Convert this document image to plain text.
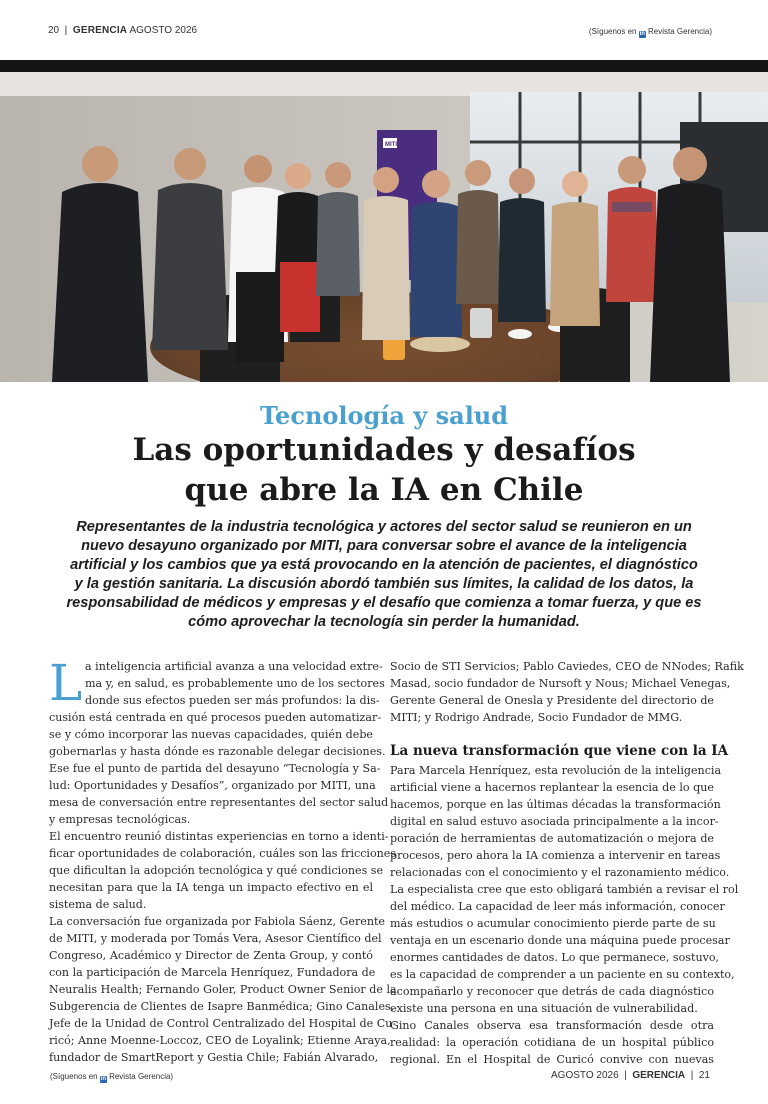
20  |  GERENCIA AGOSTO 2026	(Síguenos en in Revista Gerencia)
MITI
Tecnología y salud
Las oportunidades y desafíos
que abre la IA en Chile
Representantes de la industria tecnológica y actores del sector salud se reunieron en un
nuevo desayuno organizado por MITI, para conversar sobre el avance de la inteligencia
artificial y los cambios que ya está provocando en la atención de pacientes, el diagnóstico
y la gestión sanitaria. La discusión abordó también sus límites, la calidad de los datos, la
responsabilidad de médicos y empresas y el desafío que comienza a tomar fuerza, y que es
cómo aprovechar la tecnología sin perder la humanidad.
L a inteligencia artificial avanza a una velocidad extre-
ma y, en salud, es probablemente uno de los sectores
donde sus efectos pueden ser más profundos: la dis-
cusión está centrada en qué procesos pueden automatizar-
se y cómo incorporar las nuevas capacidades, quién debe
gobernarlas y hasta dónde es razonable delegar decisiones.
Ese fue el punto de partida del desayuno “Tecnología y Sa-
lud: Oportunidades y Desafíos”, organizado por MITI, una
mesa de conversación entre representantes del sector salud
y empresas tecnológicas.
El encuentro reunió distintas experiencias en torno a identi-
ficar oportunidades de colaboración, cuáles son las fricciones
que dificultan la adopción tecnológica y qué condiciones se
necesitan para que la IA tenga un impacto efectivo en el
sistema de salud.
La conversación fue organizada por Fabiola Sáenz, Gerente
de MITI, y moderada por Tomás Vera, Asesor Científico del
Congreso, Académico y Director de Zenta Group, y contó
con la participación de Marcela Henríquez, Fundadora de
Neuralis Health; Fernando Goler, Product Owner Senior de la
Subgerencia de Clientes de Isapre Banmédica; Gino Canales,
Jefe de la Unidad de Control Centralizado del Hospital de Cu-
ricó; Anne Moenne-Loccoz, CEO de Loyalink; Etienne Araya,
fundador de SmartReport y Gestia Chile; Fabián Alvarado,
Socio de STI Servicios; Pablo Caviedes, CEO de NNodes; Rafik
Masad, socio fundador de Nursoft y Nous; Michael Venegas,
Gerente General de Onesla y Presidente del directorio de
MITI; y Rodrigo Andrade, Socio Fundador de MMG.
La nueva transformación que viene con la IA
Para Marcela Henríquez, esta revolución de la inteligencia
artificial viene a hacernos replantear la esencia de lo que
hacemos, porque en las últimas décadas la transformación
digital en salud estuvo asociada principalmente a la incor-
poración de herramientas de automatización o mejora de
procesos, pero ahora la IA comienza a intervenir en tareas
relacionadas con el conocimiento y el razonamiento médico.
La especialista cree que esto obligará también a revisar el rol
del médico. La capacidad de leer más información, conocer
más estudios o acumular conocimiento pierde parte de su
ventaja en un escenario donde una máquina puede procesar
enormes cantidades de datos. Lo que permanece, sostuvo,
es la capacidad de comprender a un paciente en su contexto,
acompañarlo y reconocer que detrás de cada diagnóstico
existe una persona en una situación de vulnerabilidad.
Gino Canales observa esa transformación desde otra
realidad: la operación cotidiana de un hospital público
regional. En el Hospital de Curicó convive con nuevas
(Síguenos en in Revista Gerencia)	AGOSTO 2026  |  GERENCIA  |  21
